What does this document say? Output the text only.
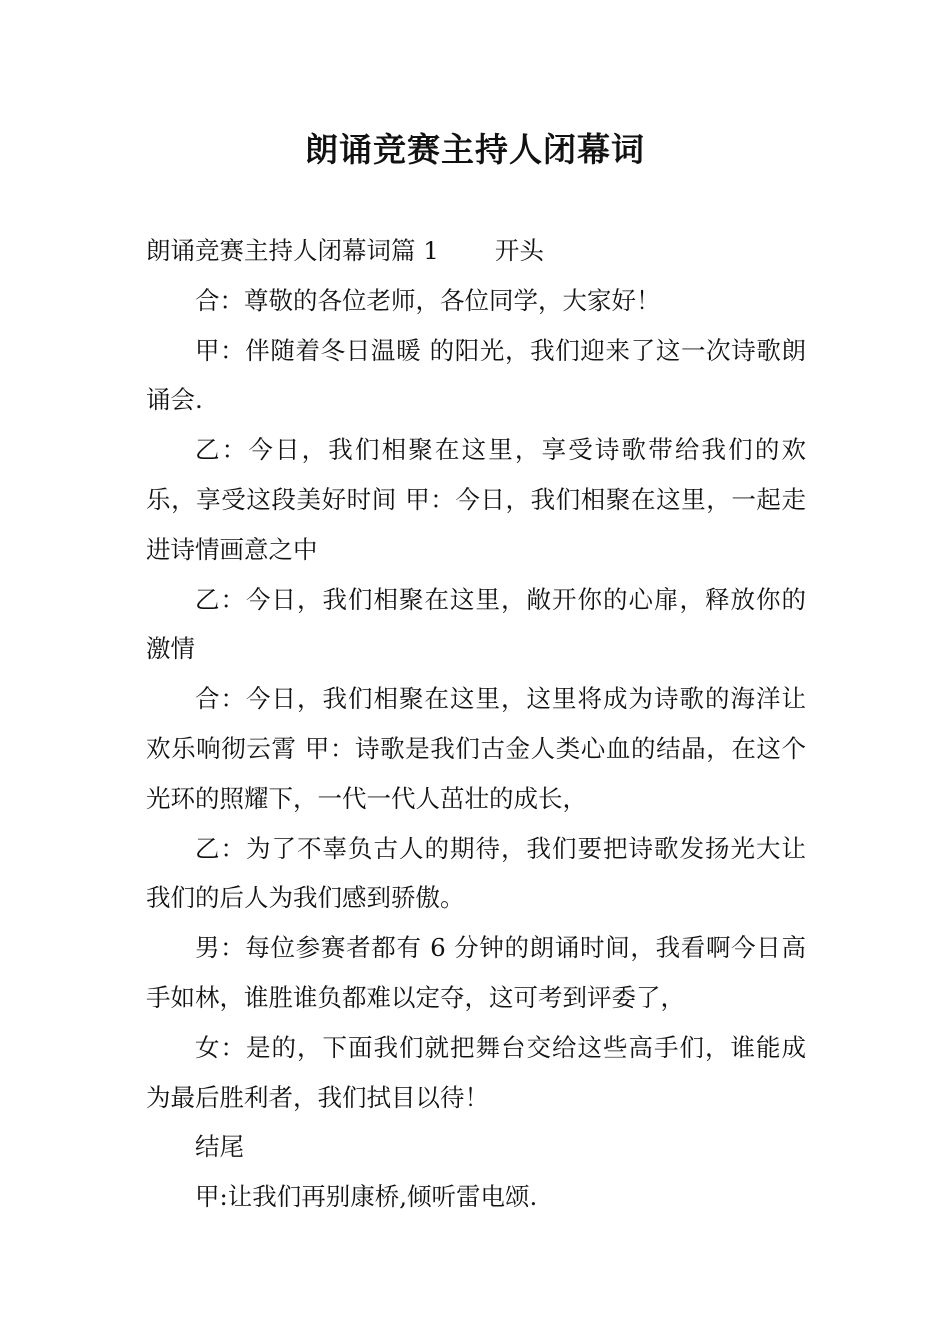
朗诵竞赛主持人闭幕词

朗诵竞赛主持人闭幕词篇 1 开头

合：尊敬的各位老师，各位同学，大家好！

甲：伴随着冬日温暖 的阳光，我们迎来了这一次诗歌朗诵会.

乙：今日，我们相聚在这里，享受诗歌带给我们的欢乐，享受这段美好时间 甲：今日，我们相聚在这里，一起走进诗情画意之中

乙：今日，我们相聚在这里，敞开你的心扉，释放你的激情

合：今日，我们相聚在这里，这里将成为诗歌的海洋让欢乐响彻云霄 甲：诗歌是我们古金人类心血的结晶，在这个光环的照耀下，一代一代人茁壮的成长，

乙：为了不辜负古人的期待，我们要把诗歌发扬光大让我们的后人为我们感到骄傲。

男：每位参赛者都有 6 分钟的朗诵时间，我看啊今日高手如林，谁胜谁负都难以定夺，这可考到评委了，

女：是的，下面我们就把舞台交给这些高手们，谁能成为最后胜利者，我们拭目以待！

结尾

甲:让我们再别康桥,倾听雷电颂.
